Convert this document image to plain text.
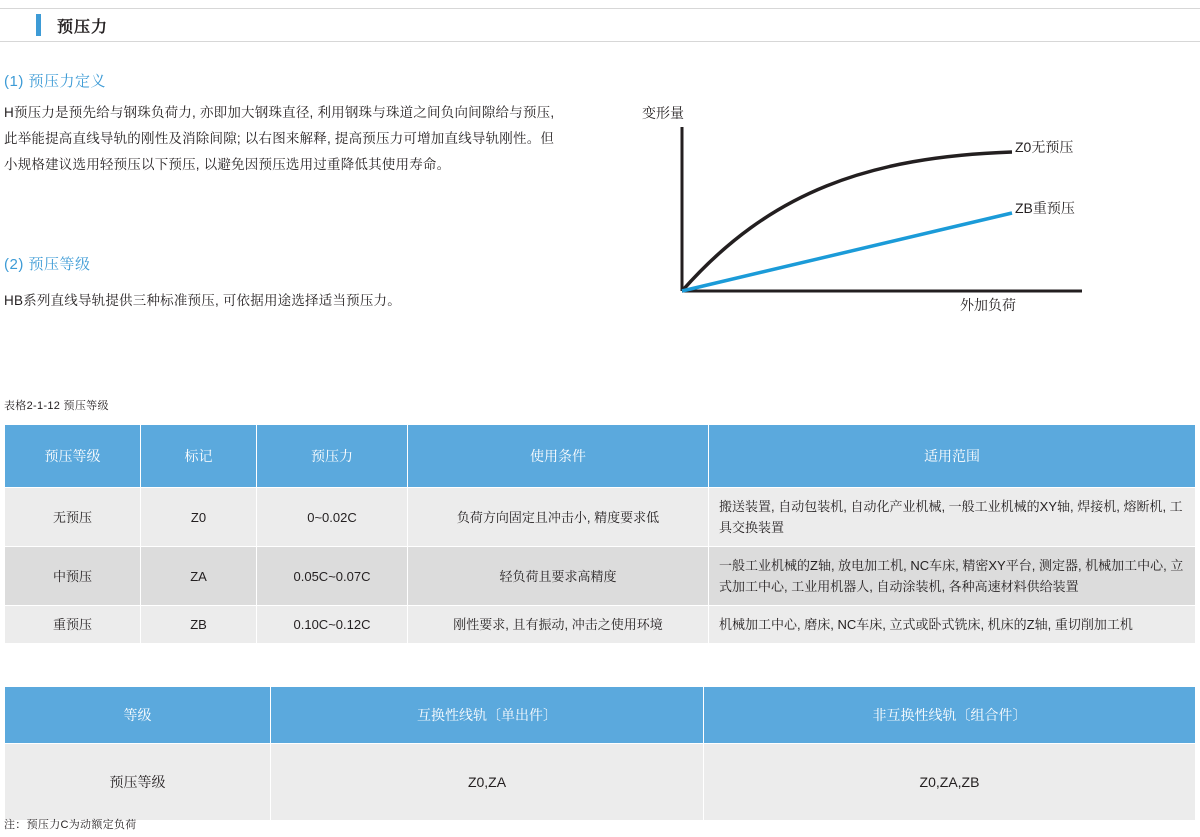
预压力
(1) 预压力定义
H预压力是预先给与钢珠负荷力, 亦即加大钢珠直径, 利用钢珠与珠道之间负向间隙给与预压, 此举能提高直线导轨的刚性及消除间隙; 以右图来解释, 提高预压力可增加直线导轨刚性。但小规格建议选用轻预压以下预压, 以避免因预压选用过重降低其使用寿命。
(2) 预压等级
HB系列直线导轨提供三种标准预压, 可依据用途选择适当预压力。
变形量
外加负荷
Z0无预压
ZB重预压
表格2-1-12 预压等级
预压等级	标记	预压力	使用条件	适用范围
无预压	Z0	0~0.02C	负荷方向固定且冲击小, 精度要求低	搬送装置, 自动包装机, 自动化产业机械, 一般工业机械的XY轴, 焊接机, 熔断机, 工具交换装置
中预压	ZA	0.05C~0.07C	轻负荷且要求高精度	一般工业机械的Z轴, 放电加工机, NC车床, 精密XY平台, 测定器, 机械加工中心, 立式加工中心, 工业用机器人, 自动涂装机, 各种高速材料供给装置
重预压	ZB	0.10C~0.12C	刚性要求, 且有振动, 冲击之使用环境	机械加工中心, 磨床, NC车床, 立式或卧式铣床, 机床的Z轴, 重切削加工机
等级	互换性线轨〔单出件〕	非互换性线轨〔组合件〕
预压等级	Z0,ZA	Z0,ZA,ZB
注：预压力C为动额定负荷
